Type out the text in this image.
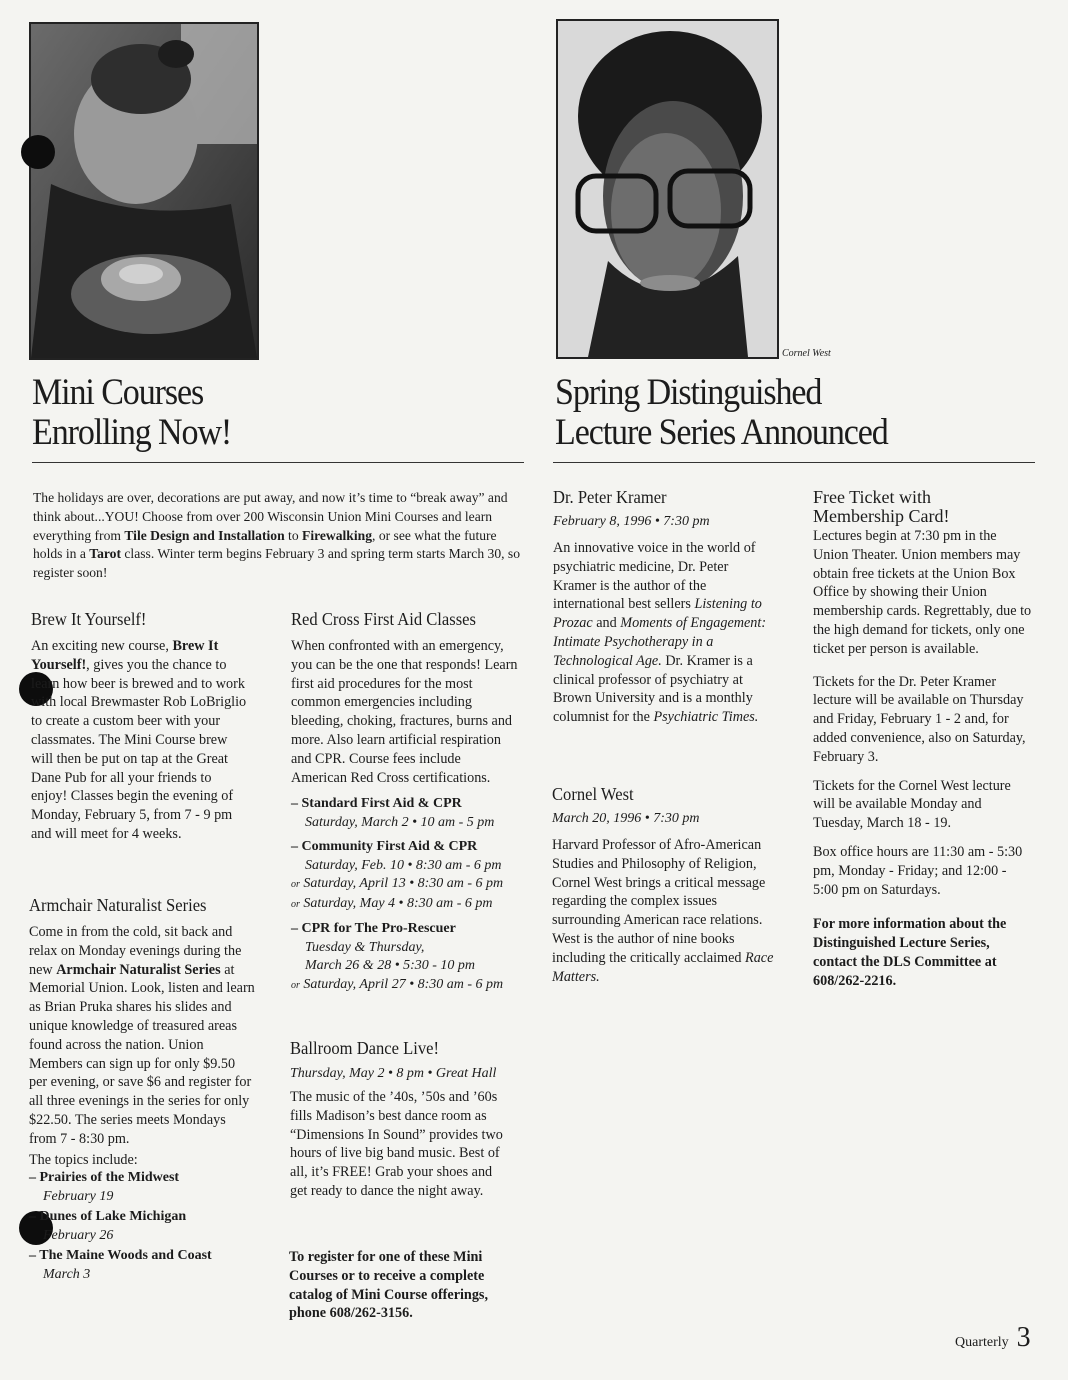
Cornel West
Mini Courses
Enrolling Now!
Spring Distinguished
Lecture Series Announced
The holidays are over, decorations are put away, and now it’s time to “break away” and think about...YOU! Choose from over 200 Wisconsin Union Mini Courses and learn everything from Tile Design and Installation to Firewalking, or see what the future holds in a Tarot class. Winter term begins February 3 and spring term starts March 30, so register soon!
Brew It Yourself!
An exciting new course, Brew It Yourself!, gives you the chance to learn how beer is brewed and to work with local Brewmaster Rob LoBriglio to create a custom beer with your classmates. The Mini Course brew will then be put on tap at the Great Dane Pub for all your friends to enjoy! Classes begin the evening of Monday, February 5, from 7 - 9 pm and will meet for 4 weeks.
Armchair Naturalist Series
Come in from the cold, sit back and relax on Monday evenings during the new Armchair Naturalist Series at Memorial Union. Look, listen and learn as Brian Pruka shares his slides and unique knowledge of treasured areas found across the nation. Union Members can sign up for only $9.50 per evening, or save $6 and register for all three evenings in the series for only $22.50. The series meets Mondays from 7 - 8:30 pm.
The topics include:
– Prairies of the Midwest
February 19
– Dunes of Lake Michigan
February 26
– The Maine Woods and Coast
March 3
Red Cross First Aid Classes
When confronted with an emergency, you can be the one that responds! Learn first aid procedures for the most common emergencies including bleeding, choking, fractures, burns and more. Also learn artificial respiration and CPR. Course fees include American Red Cross certifications.
– Standard First Aid & CPR
Saturday, March 2 • 10 am - 5 pm
– Community First Aid & CPR
Saturday, Feb. 10 • 8:30 am - 6 pm
or Saturday, April 13 • 8:30 am - 6 pm
or Saturday, May 4 • 8:30 am - 6 pm
– CPR for The Pro-Rescuer
Tuesday & Thursday,
March 26 & 28 • 5:30 - 10 pm
or Saturday, April 27 • 8:30 am - 6 pm
Ballroom Dance Live!
Thursday, May 2 • 8 pm • Great Hall
The music of the ’40s, ’50s and ’60s fills Madison’s best dance room as “Dimensions In Sound” provides two hours of live big band music. Best of all, it’s FREE! Grab your shoes and get ready to dance the night away.
To register for one of these Mini Courses or to receive a complete catalog of Mini Course offerings, phone 608/262-3156.
Dr. Peter Kramer
February 8, 1996 • 7:30 pm
An innovative voice in the world of psychiatric medicine, Dr. Peter Kramer is the author of the international best sellers Listening to Prozac and Moments of Engagement: Intimate Psychotherapy in a Technological Age. Dr. Kramer is a clinical professor of psychiatry at Brown University and is a monthly columnist for the Psychiatric Times.
Cornel West
March 20, 1996 • 7:30 pm
Harvard Professor of Afro-American Studies and Philosophy of Religion, Cornel West brings a critical message regarding the complex issues surrounding American race relations. West is the author of nine books including the critically acclaimed Race Matters.
Free Ticket with
Membership Card!
Lectures begin at 7:30 pm in the Union Theater. Union members may obtain free tickets at the Union Box Office by showing their Union membership cards. Regrettably, due to the high demand for tickets, only one ticket per person is available.
Tickets for the Dr. Peter Kramer lecture will be available on Thursday and Friday, February 1 - 2 and, for added convenience, also on Saturday, February 3.
Tickets for the Cornel West lecture will be available Monday and Tuesday, March 18 - 19.
Box office hours are 11:30 am - 5:30 pm, Monday - Friday; and 12:00 - 5:00 pm on Saturdays.
For more information about the Distinguished Lecture Series, contact the DLS Committee at 608/262-2216.
Quarterly 3
